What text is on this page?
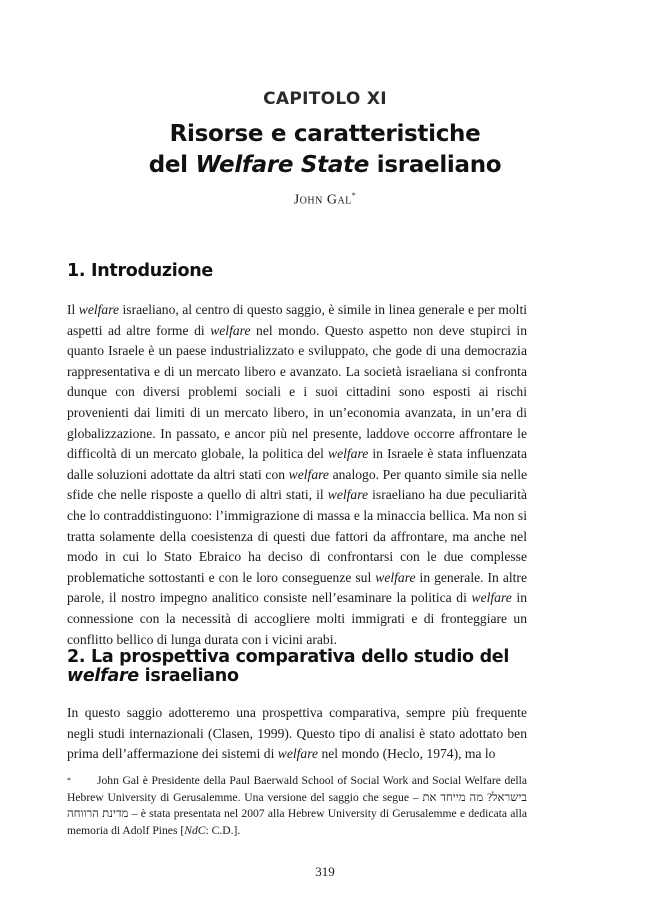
CAPITOLO XI
Risorse e caratteristiche
del Welfare State israeliano
John Gal*
1. Introduzione

Il welfare israeliano, al centro di questo saggio, è simile in linea generale e per molti aspetti ad altre forme di welfare nel mondo. Questo aspetto non deve stupirci in quanto Israele è un paese industrializzato e sviluppato, che gode di una democrazia rappresentativa e di un mercato libero e avanzato. La società israeliana si confronta dunque con diversi problemi sociali e i suoi cittadini sono esposti ai rischi provenienti dai limiti di un mercato libero, in un’economia avanzata, in un’era di globalizzazione. In passato, e ancor più nel presente, laddove occorre affrontare le difficoltà di un mercato globale, la politica del welfare in Israele è stata influenzata dalle soluzioni adottate da altri stati con welfare analogo. Per quanto simile sia nelle sfide che nelle risposte a quello di altri stati, il welfare israeliano ha due peculiarità che lo contraddistinguono: l’immigrazione di massa e la minaccia bellica. Ma non si tratta solamente della coesistenza di questi due fattori da affrontare, ma anche nel modo in cui lo Stato Ebraico ha deciso di confrontarsi con le due complesse problematiche sottostanti e con le loro conseguenze sul welfare in generale. In altre parole, il nostro impegno analitico consiste nell’esaminare la politica di welfare in connessione con la necessità di accogliere molti immigrati e di fronteggiare un conflitto bellico di lunga durata con i vicini arabi.

2. La prospettiva comparativa dello studio del welfare israeliano

In questo saggio adotteremo una prospettiva comparativa, sempre più frequente negli studi internazionali (Clasen, 1999). Questo tipo di analisi è stato adottato ben prima dell’affermazione dei sistemi di welfare nel mondo (Heclo, 1974), ma lo

* John Gal è Presidente della Paul Baerwald School of Social Work and Social Welfare della Hebrew University di Gerusalemme. Una versione del saggio che segue – בישראל? מה מייחד את מדינת הרווחה – è stata presentata nel 2007 alla Hebrew University di Gerusalemme e dedicata alla memoria di Adolf Pines [NdC: C.D.].

319
